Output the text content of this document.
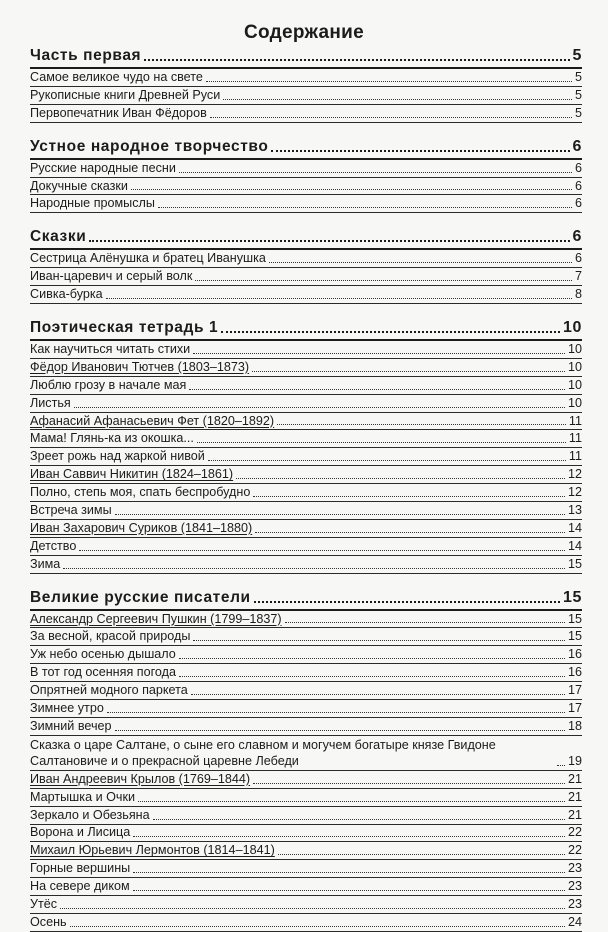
Содержание
Часть первая	5
Самое великое чудо на свете	5
Рукописные книги Древней Руси	5
Первопечатник Иван Фёдоров	5
Устное народное творчество	6
Русские народные песни	6
Докучные сказки	6
Народные промыслы	6
Сказки	6
Сестрица Алёнушка и братец Иванушка	6
Иван-царевич и серый волк	7
Сивка-бурка	8
Поэтическая тетрадь 1	10
Как научиться читать стихи	10
Фёдор Иванович Тютчев (1803–1873)	10
Люблю грозу в начале мая	10
Листья	10
Афанасий Афанасьевич Фет (1820–1892)	11
Мама! Глянь-ка из окошка...	11
Зреет рожь над жаркой нивой	11
Иван Саввич Никитин (1824–1861)	12
Полно, степь моя, спать беспробудно	12
Встреча зимы	13
Иван Захарович Суриков (1841–1880)	14
Детство	14
Зима	15
Великие русские писатели	15
Александр Сергеевич Пушкин (1799–1837)	15
За весной, красой природы	15
Уж небо осенью дышало	16
В тот год осенняя погода	16
Опрятней модного паркета	17
Зимнее утро	17
Зимний вечер	18
Сказка о царе Салтане, о сыне его славном и могучем богатыре князе Гвидоне Салтановиче и о прекрасной царевне Лебеди	19
Иван Андреевич Крылов (1769–1844)	21
Мартышка и Очки	21
Зеркало и Обезьяна	21
Ворона и Лисица	22
Михаил Юрьевич Лермонтов (1814–1841)	22
Горные вершины	23
На севере диком	23
Утёс	23
Осень	24
